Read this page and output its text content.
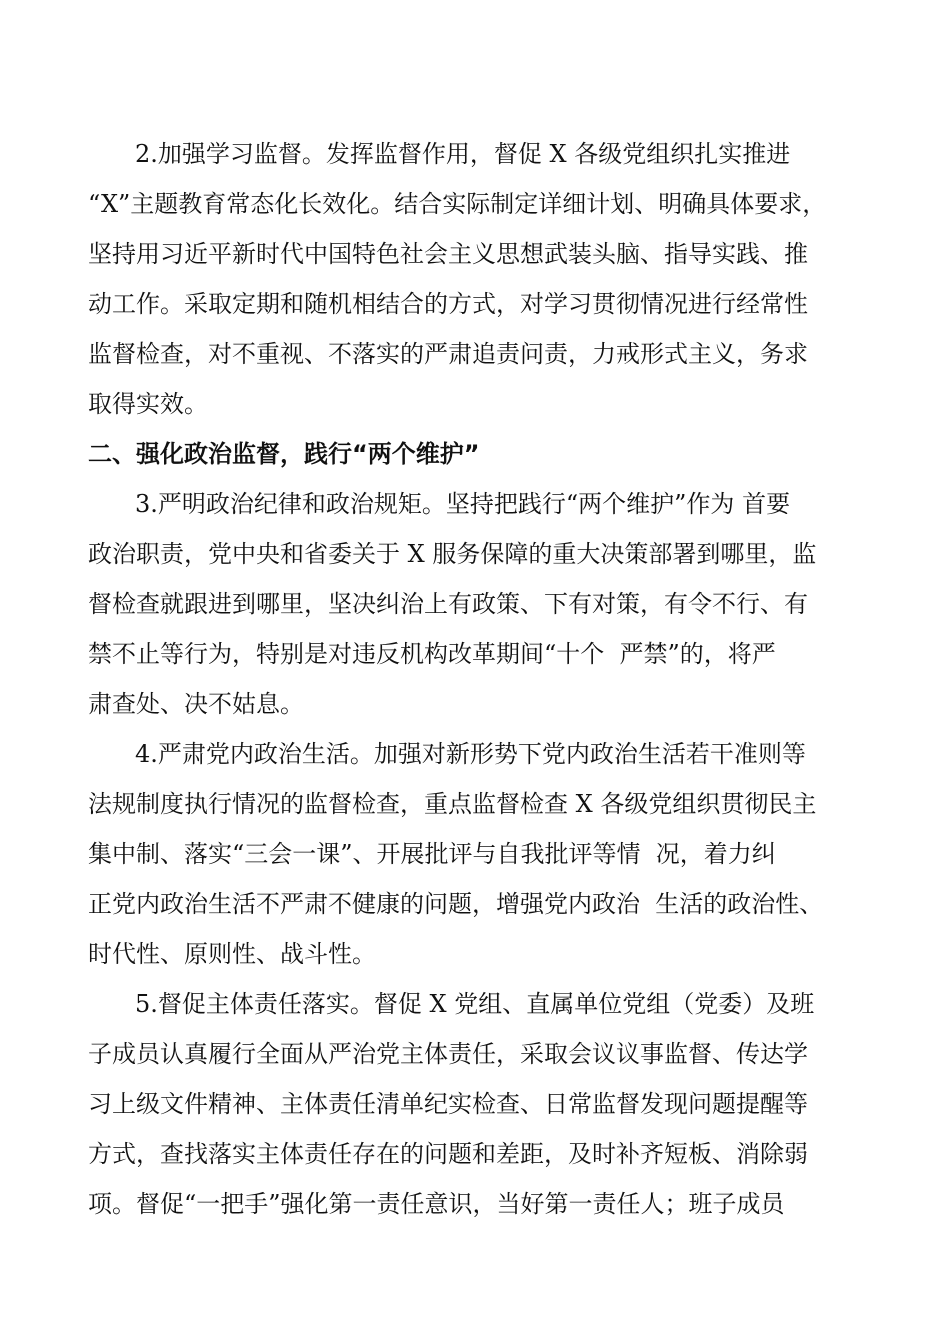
2.加强学习监督。发挥监督作用，督促 X 各级党组织扎实推进
“X”主题教育常态化长效化。结合实际制定详细计划、明确具体要求，
坚持用习近平新时代中国特色社会主义思想武装头脑、指导实践、推
动工作。采取定期和随机相结合的方式，对学习贯彻情况进行经常性
监督检查，对不重视、不落实的严肃追责问责，力戒形式主义，务求
取得实效。
二、强化政治监督，践行“两个维护”
3.严明政治纪律和政治规矩。坚持把践行“两个维护”作为 首要
政治职责，党中央和省委关于 X 服务保障的重大决策部署到哪里，监
督检查就跟进到哪里，坚决纠治上有政策、下有对策，有令不行、有
禁不止等行为，特别是对违反机构改革期间“十个  严禁”的，将严
肃查处、决不姑息。
4.严肃党内政治生活。加强对新形势下党内政治生活若干准则等
法规制度执行情况的监督检查，重点监督检查 X 各级党组织贯彻民主
集中制、落实“三会一课”、开展批评与自我批评等情  况，着力纠
正党内政治生活不严肃不健康的问题，增强党内政治  生活的政治性、
时代性、原则性、战斗性。
5.督促主体责任落实。督促 X 党组、直属单位党组（党委）及班
子成员认真履行全面从严治党主体责任，采取会议议事监督、传达学
习上级文件精神、主体责任清单纪实检查、日常监督发现问题提醒等
方式，查找落实主体责任存在的问题和差距，及时补齐短板、消除弱
项。督促“一把手”强化第一责任意识，当好第一责任人；班子成员
